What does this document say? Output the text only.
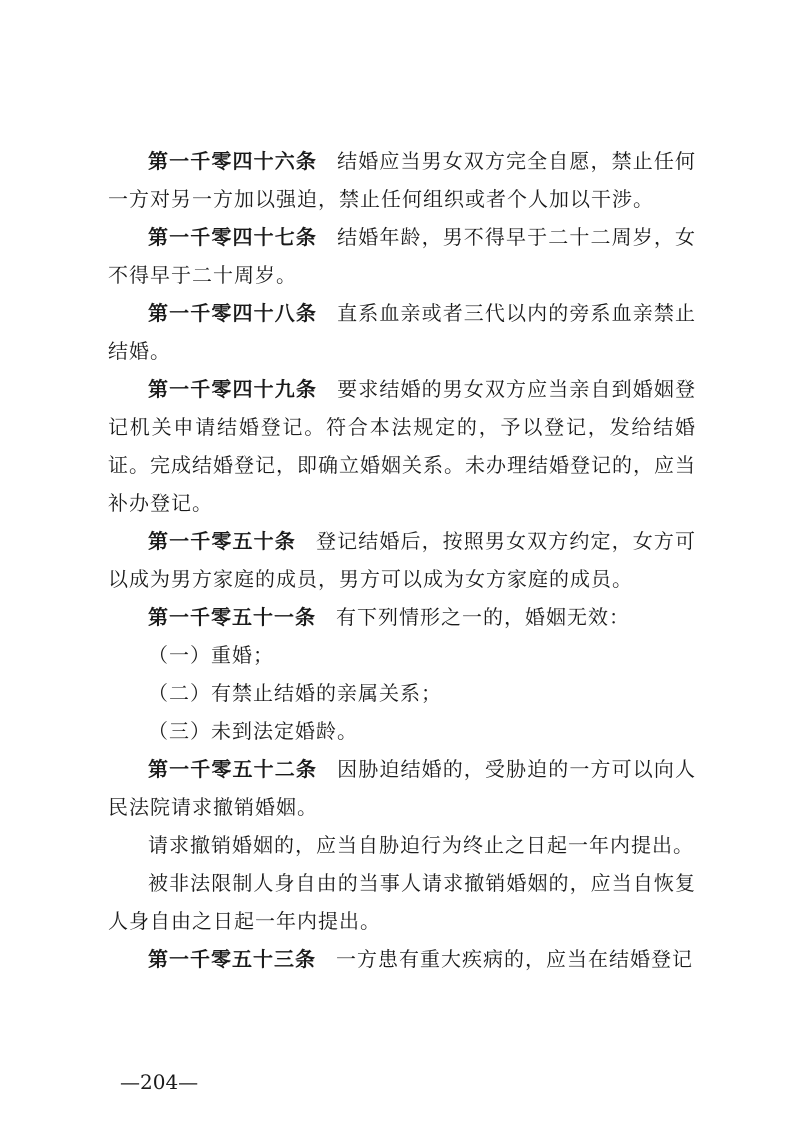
第一千零四十六条 结婚应当男女双方完全自愿，禁止任何一方对另一方加以强迫，禁止任何组织或者个人加以干涉。

第一千零四十七条 结婚年龄，男不得早于二十二周岁，女不得早于二十周岁。

第一千零四十八条 直系血亲或者三代以内的旁系血亲禁止结婚。

第一千零四十九条 要求结婚的男女双方应当亲自到婚姻登记机关申请结婚登记。符合本法规定的，予以登记，发给结婚证。完成结婚登记，即确立婚姻关系。未办理结婚登记的，应当补办登记。

第一千零五十条 登记结婚后，按照男女双方约定，女方可以成为男方家庭的成员，男方可以成为女方家庭的成员。

第一千零五十一条 有下列情形之一的，婚姻无效：

（一）重婚；

（二）有禁止结婚的亲属关系；

（三）未到法定婚龄。

第一千零五十二条 因胁迫结婚的，受胁迫的一方可以向人民法院请求撤销婚姻。

请求撤销婚姻的，应当自胁迫行为终止之日起一年内提出。

被非法限制人身自由的当事人请求撤销婚姻的，应当自恢复人身自由之日起一年内提出。

第一千零五十三条 一方患有重大疾病的，应当在结婚登记

—204—
